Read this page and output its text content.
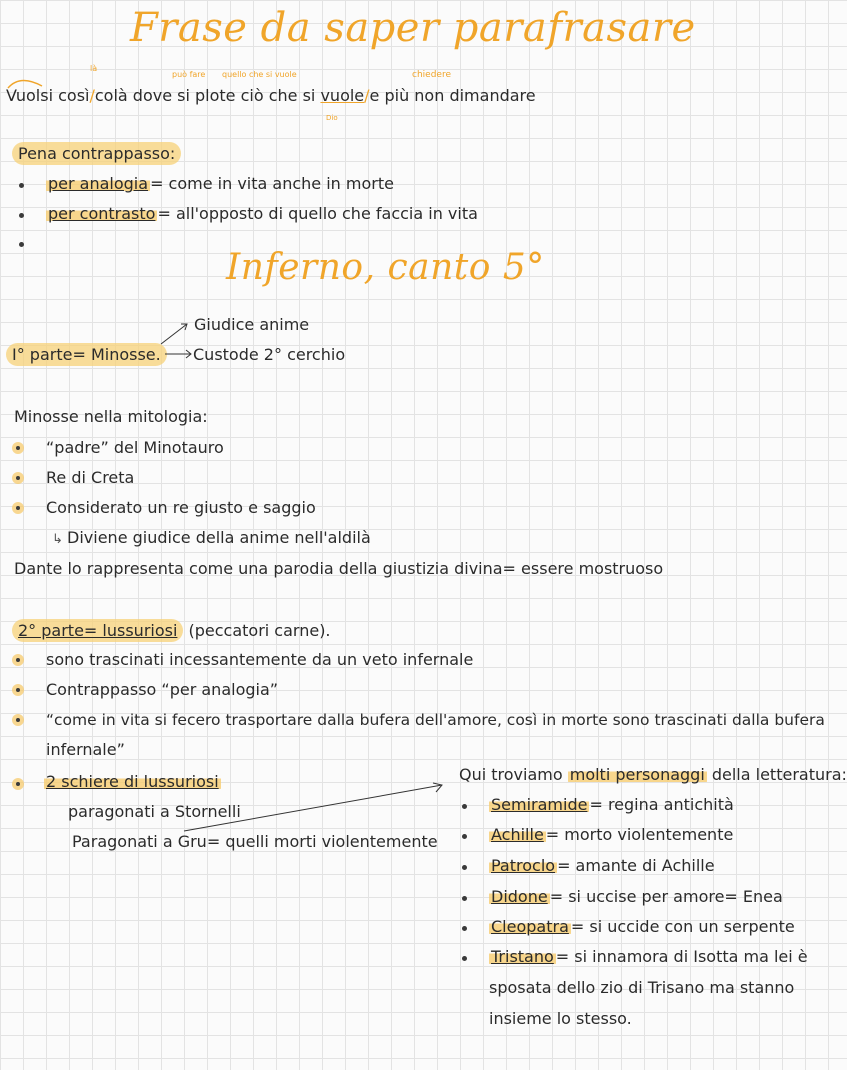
Frase da saper parafrasare
là
può fare quello che si vuole	chiedere
Dio
Vuolsi così/colà dove si plote ciò che si vuole/e più non dimandare
Pena contrappasso:
per analogia = come in vita anche in morte
per contrasto = all'opposto di quello che faccia in vita
Inferno, canto 5°
I° parte= Minosse.
Giudice anime
Custode 2° cerchio
Minosse nella mitologia:
“padre” del Minotauro
Re di Creta
Considerato un re giusto e saggio
↳ Diviene giudice della anime nell'aldilà
Dante lo rappresenta come una parodia della giustizia divina= essere mostruoso
2° parte= lussuriosi (peccatori carne).
sono trascinati incessantemente da un veto infernale
Contrappasso “per analogia”
“come in vita si fecero trasportare dalla bufera dell'amore, così in morte sono trascinati dalla bufera
infernale”
2 schiere di lussuriosi
paragonati a Stornelli
Paragonati a Gru= quelli morti violentemente
Qui troviamo molti personaggi della letteratura:
Semiramide = regina antichità
Achille = morto violentemente
Patroclo = amante di Achille
Didone = si uccise per amore= Enea
Cleopatra = si uccide con un serpente
Tristano = si innamora di Isotta ma lei è
sposata dello zio di Trisano ma stanno
insieme lo stesso.
